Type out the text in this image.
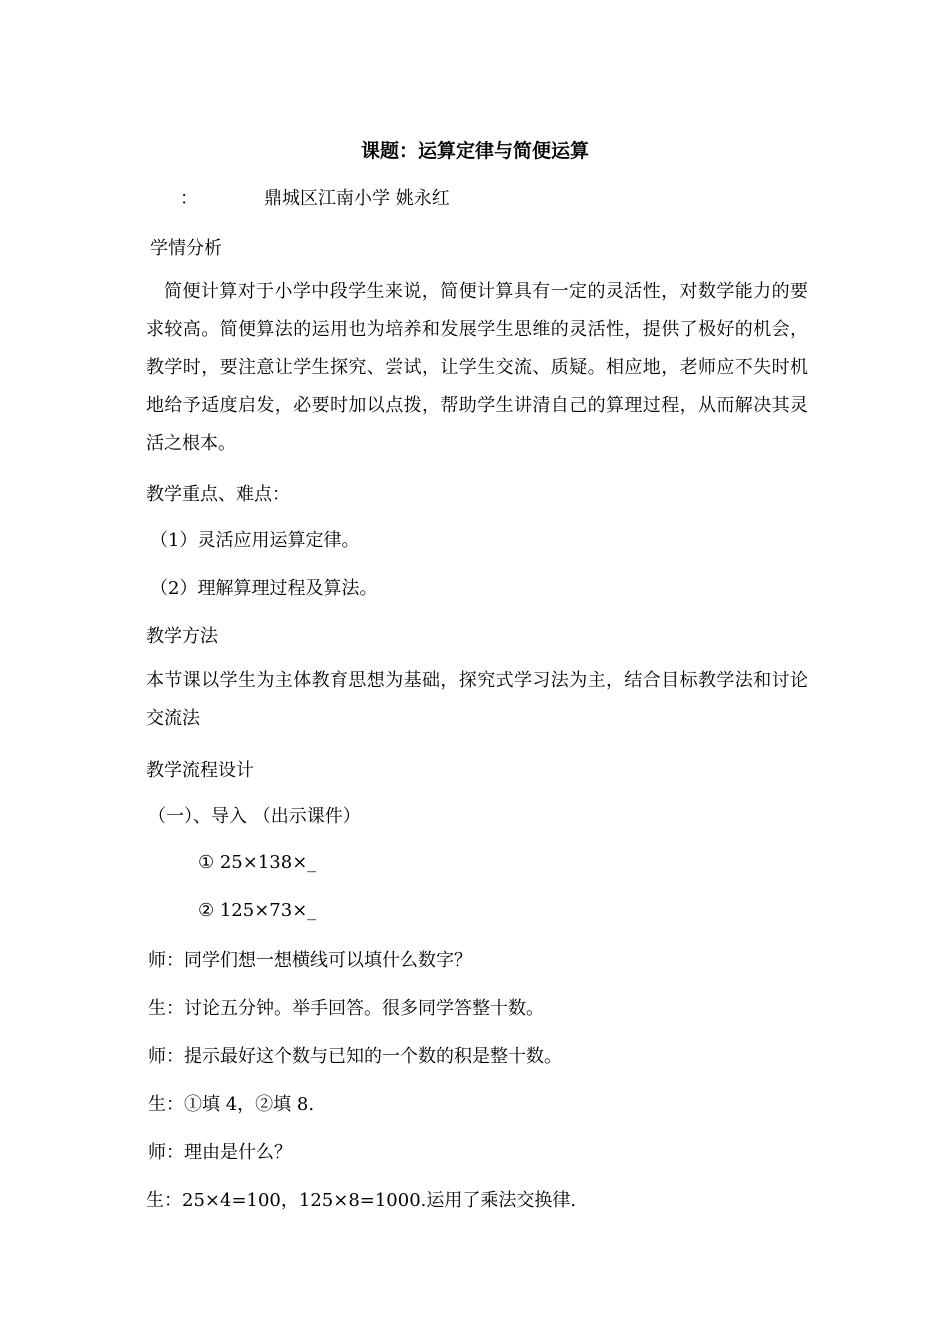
课题：运算定律与简便运算
：	鼎城区江南小学 姚永红
学情分析
简便计算对于小学中段学生来说，简便计算具有一定的灵活性，对数学能力的要求较高。简便算法的运用也为培养和发展学生思维的灵活性，提供了极好的机会，教学时，要注意让学生探究、尝试，让学生交流、质疑。相应地，老师应不失时机地给予适度启发，必要时加以点拨，帮助学生讲清自己的算理过程，从而解决其灵活之根本。
教学重点、难点：
（1）灵活应用运算定律。
（2）理解算理过程及算法。
教学方法
本节课以学生为主体教育思想为基础，探究式学习法为主，结合目标教学法和讨论交流法
教学流程设计
（一）、导入 （出示课件）
① 25×138×_
② 125×73×_
师：同学们想一想横线可以填什么数字？
生：讨论五分钟。举手回答。很多同学答整十数。
师：提示最好这个数与已知的一个数的积是整十数。
生：①填 4，②填 8.
师：理由是什么？
生：25×4=100，125×8=1000.运用了乘法交换律.
